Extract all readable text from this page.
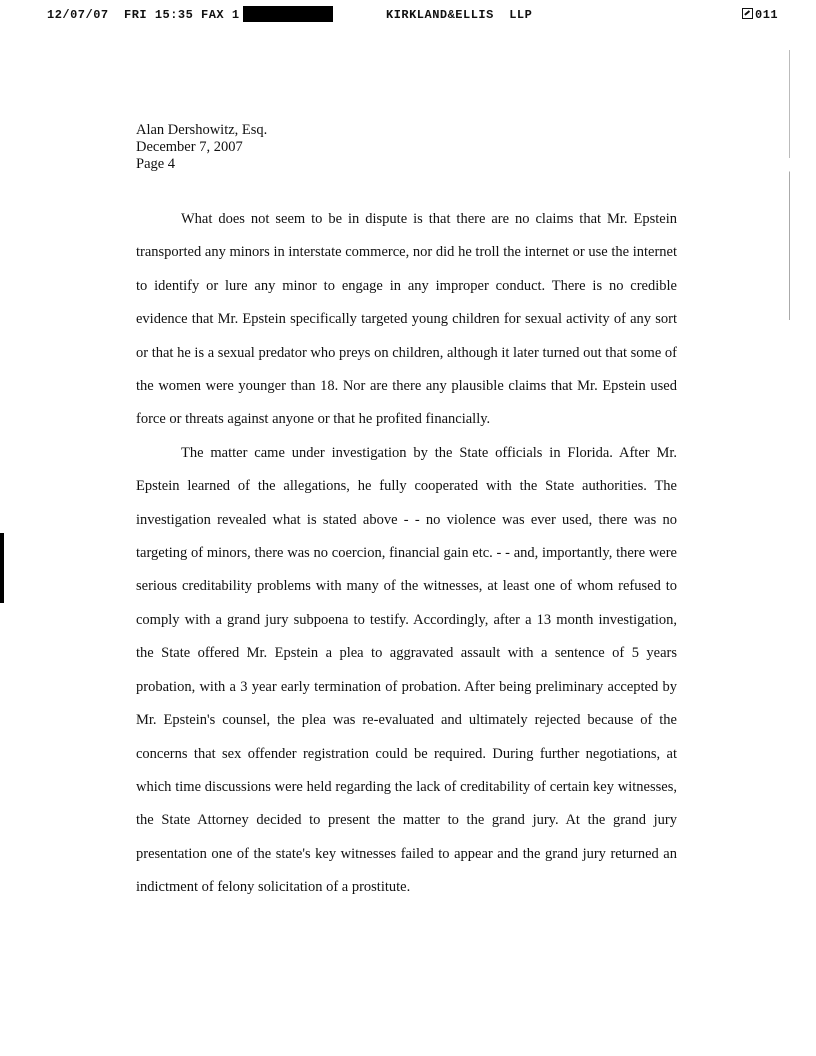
12/07/07  FRI 15:35 FAX 1	KIRKLAND&ELLIS  LLP	011
Alan Dershowitz, Esq.
December 7, 2007
Page 4

What does not seem to be in dispute is that there are no claims that Mr. Epstein transported any minors in interstate commerce, nor did he troll the internet or use the internet to identify or lure any minor to engage in any improper conduct. There is no credible evidence that Mr. Epstein specifically targeted young children for sexual activity of any sort or that he is a sexual predator who preys on children, although it later turned out that some of the women were younger than 18. Nor are there any plausible claims that Mr. Epstein used force or threats against anyone or that he profited financially.

The matter came under investigation by the State officials in Florida. After Mr. Epstein learned of the allegations, he fully cooperated with the State authorities. The investigation revealed what is stated above - - no violence was ever used, there was no targeting of minors, there was no coercion, financial gain etc. - - and, importantly, there were serious creditability problems with many of the witnesses, at least one of whom refused to comply with a grand jury subpoena to testify. Accordingly, after a 13 month investigation, the State offered Mr. Epstein a plea to aggravated assault with a sentence of 5 years probation, with a 3 year early termination of probation. After being preliminary accepted by Mr. Epstein's counsel, the plea was re-evaluated and ultimately rejected because of the concerns that sex offender registration could be required. During further negotiations, at which time discussions were held regarding the lack of creditability of certain key witnesses, the State Attorney decided to present the matter to the grand jury. At the grand jury presentation one of the state's key witnesses failed to appear and the grand jury returned an indictment of felony solicitation of a prostitute.
